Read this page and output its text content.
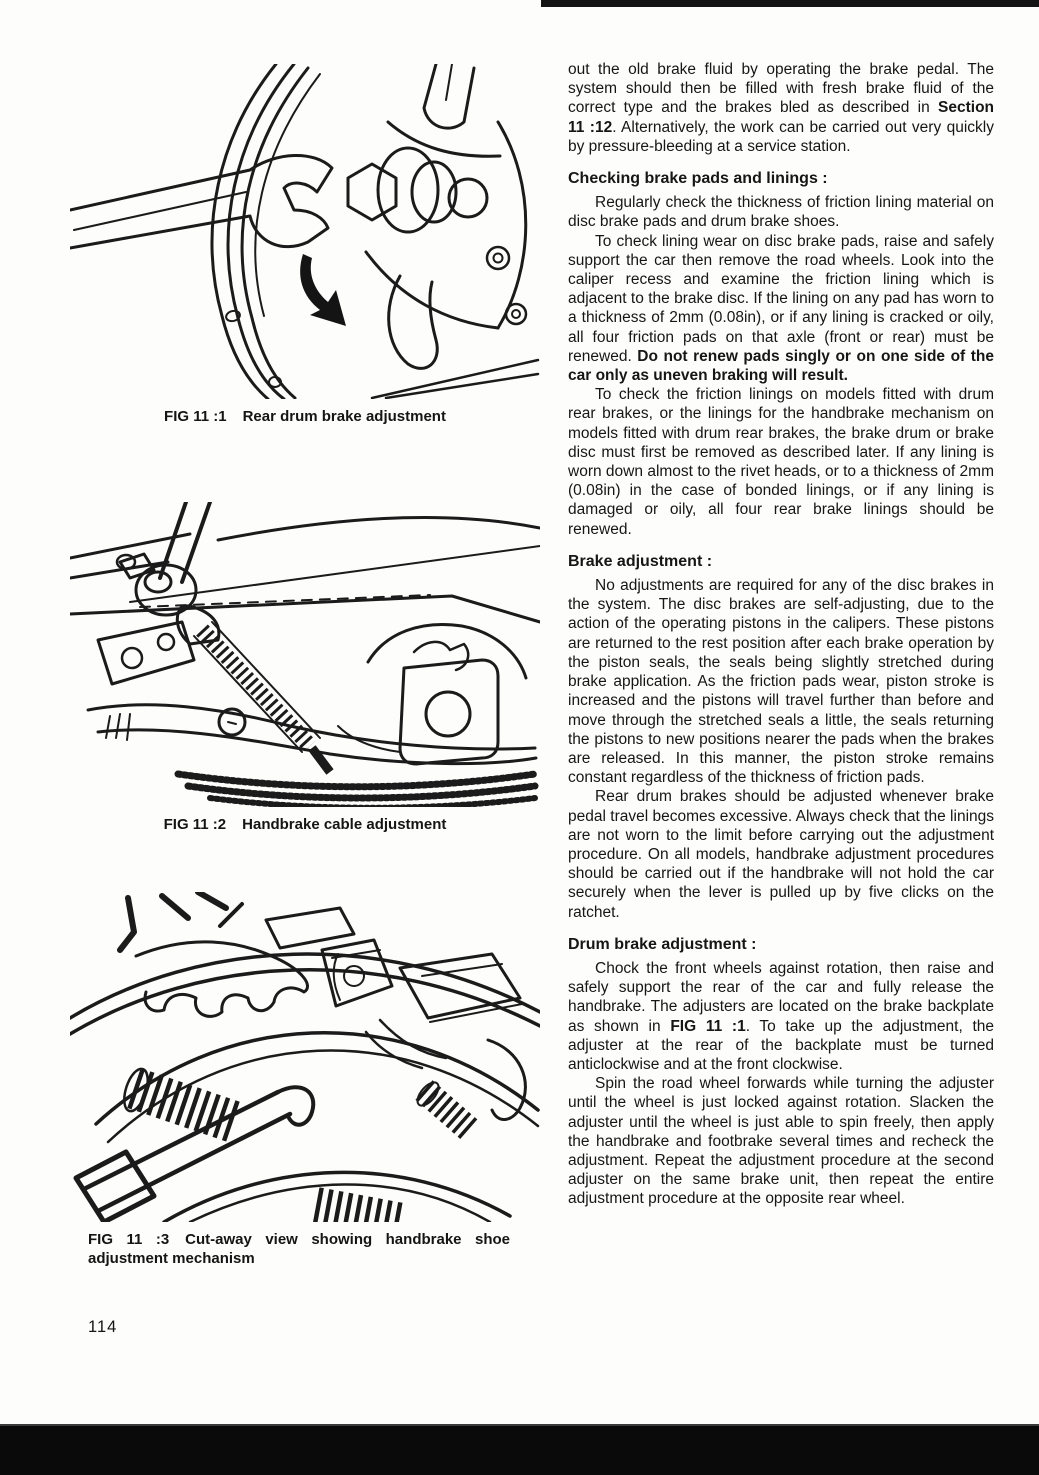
FIG 11 :1 Rear drum brake adjustment
FIG 11 :2 Handbrake cable adjustment
FIG 11 :3 Cut-away view showing handbrake shoe adjustment mechanism

out the old brake fluid by operating the brake pedal. The system should then be filled with fresh brake fluid of the correct type and the brakes bled as described in Section 11 :12. Alternatively, the work can be carried out very quickly by pressure-bleeding at a service station.

Checking brake pads and linings :

Regularly check the thickness of friction lining material on disc brake pads and drum brake shoes.

To check lining wear on disc brake pads, raise and safely support the car then remove the road wheels. Look into the caliper recess and examine the friction lining which is adjacent to the brake disc. If the lining on any pad has worn to a thickness of 2mm (0.08in), or if any lining is cracked or oily, all four friction pads on that axle (front or rear) must be renewed. Do not renew pads singly or on one side of the car only as uneven braking will result.

To check the friction linings on models fitted with drum rear brakes, or the linings for the handbrake mechanism on models fitted with drum rear brakes, the brake drum or brake disc must first be removed as described later. If any lining is worn down almost to the rivet heads, or to a thickness of 2mm (0.08in) in the case of bonded linings, or if any lining is damaged or oily, all four rear brake linings should be renewed.

Brake adjustment :

No adjustments are required for any of the disc brakes in the system. The disc brakes are self-adjusting, due to the action of the operating pistons in the calipers. These pistons are returned to the rest position after each brake operation by the piston seals, the seals being slightly stretched during brake application. As the friction pads wear, piston stroke is increased and the pistons will travel further than before and move through the stretched seals a little, the seals returning the pistons to new positions nearer the pads when the brakes are released. In this manner, the piston stroke remains constant regardless of the thickness of friction pads.

Rear drum brakes should be adjusted whenever brake pedal travel becomes excessive. Always check that the linings are not worn to the limit before carrying out the adjustment procedure. On all models, handbrake adjustment procedures should be carried out if the handbrake will not hold the car securely when the lever is pulled up by five clicks on the ratchet.

Drum brake adjustment :

Chock the front wheels against rotation, then raise and safely support the rear of the car and fully release the handbrake. The adjusters are located on the brake backplate as shown in FIG 11 :1. To take up the adjustment, the adjuster at the rear of the backplate must be turned anticlockwise and at the front clockwise.

Spin the road wheel forwards while turning the adjuster until the wheel is just locked against rotation. Slacken the adjuster until the wheel is just able to spin freely, then apply the handbrake and footbrake several times and recheck the adjustment. Repeat the adjustment procedure at the second adjuster on the same brake unit, then repeat the entire adjustment procedure at the opposite rear wheel.

114
